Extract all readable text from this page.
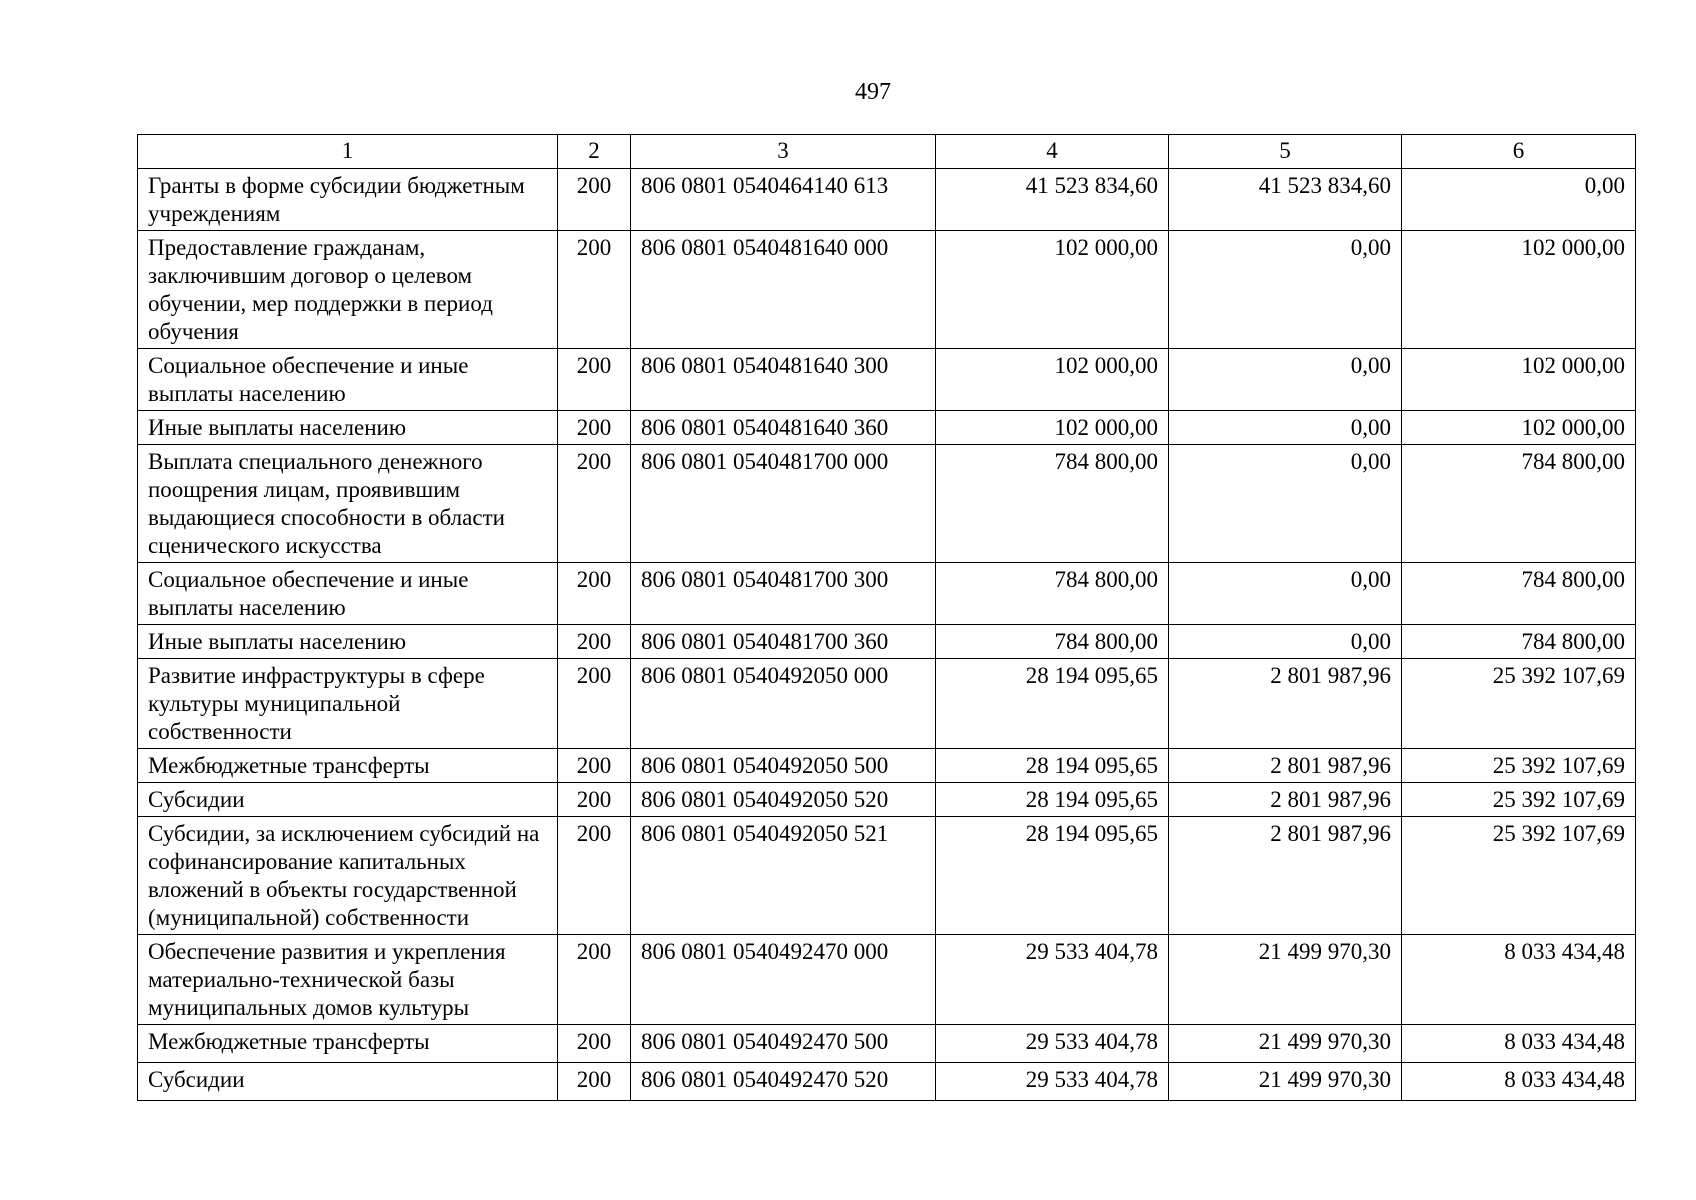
497
1	2	3	4	5	6
Гранты в форме субсидии бюджетным учреждениям	200	806 0801 0540464140 613	41 523 834,60	41 523 834,60	0,00
Предоставление гражданам, заключившим договор о целевом обучении, мер поддержки в период обучения	200	806 0801 0540481640 000	102 000,00	0,00	102 000,00
Социальное обеспечение и иные выплаты населению	200	806 0801 0540481640 300	102 000,00	0,00	102 000,00
Иные выплаты населению	200	806 0801 0540481640 360	102 000,00	0,00	102 000,00
Выплата специального денежного поощрения лицам, проявившим выдающиеся способности в области сценического искусства	200	806 0801 0540481700 000	784 800,00	0,00	784 800,00
Социальное обеспечение и иные выплаты населению	200	806 0801 0540481700 300	784 800,00	0,00	784 800,00
Иные выплаты населению	200	806 0801 0540481700 360	784 800,00	0,00	784 800,00
Развитие инфраструктуры в сфере культуры муниципальной собственности	200	806 0801 0540492050 000	28 194 095,65	2 801 987,96	25 392 107,69
Межбюджетные трансферты	200	806 0801 0540492050 500	28 194 095,65	2 801 987,96	25 392 107,69
Субсидии	200	806 0801 0540492050 520	28 194 095,65	2 801 987,96	25 392 107,69
Субсидии, за исключением субсидий на софинансирование капитальных вложений в объекты государственной (муниципальной) собственности	200	806 0801 0540492050 521	28 194 095,65	2 801 987,96	25 392 107,69
Обеспечение развития и укрепления материально-технической базы муниципальных домов культуры	200	806 0801 0540492470 000	29 533 404,78	21 499 970,30	8 033 434,48
Межбюджетные трансферты	200	806 0801 0540492470 500	29 533 404,78	21 499 970,30	8 033 434,48
Субсидии	200	806 0801 0540492470 520	29 533 404,78	21 499 970,30	8 033 434,48
